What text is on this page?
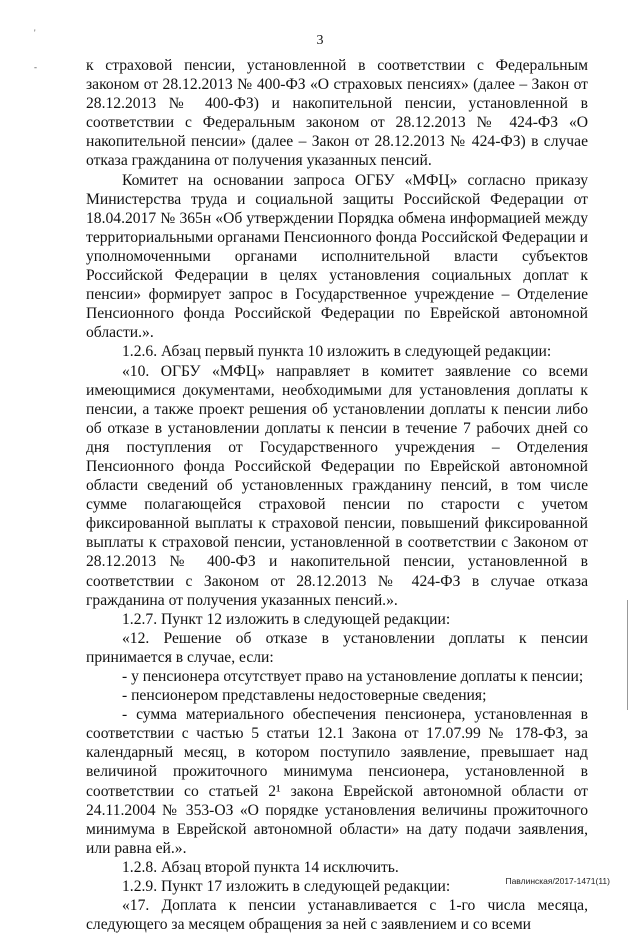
3
'
-	к страховой пенсии, установленной в соответствии с Федеральным законом от 28.12.2013 № 400-ФЗ «О страховых пенсиях» (далее – Закон от 28.12.2013 № 400-ФЗ) и накопительной пенсии, установленной в соответствии с Федеральным законом от 28.12.2013 № 424-ФЗ «О накопительной пенсии» (далее – Закон от 28.12.2013 № 424-ФЗ) в случае отказа гражданина от получения указанных пенсий.

Комитет на основании запроса ОГБУ «МФЦ» согласно приказу Министерства труда и социальной защиты Российской Федерации от 18.04.2017 № 365н «Об утверждении Порядка обмена информацией между территориальными органами Пенсионного фонда Российской Федерации и уполномоченными органами исполнительной власти субъектов Российской Федерации в целях установления социальных доплат к пенсии» формирует запрос в Государственное учреждение – Отделение Пенсионного фонда Российской Федерации по Еврейской автономной области.».

1.2.6. Абзац первый пункта 10 изложить в следующей редакции:

«10. ОГБУ «МФЦ» направляет в комитет заявление со всеми имеющимися документами, необходимыми для установления доплаты к пенсии, а также проект решения об установлении доплаты к пенсии либо об отказе в установлении доплаты к пенсии в течение 7 рабочих дней со дня поступления от Государственного учреждения – Отделения Пенсионного фонда Российской Федерации по Еврейской автономной области сведений об установленных гражданину пенсий, в том числе сумме полагающейся страховой пенсии по старости с учетом фиксированной выплаты к страховой пенсии, повышений фиксированной выплаты к страховой пенсии, установленной в соответствии с Законом от 28.12.2013 № 400-ФЗ и накопительной пенсии, установленной в соответствии с Законом от 28.12.2013 № 424-ФЗ в случае отказа гражданина от получения указанных пенсий.».

1.2.7. Пункт 12 изложить в следующей редакции:

«12. Решение об отказе в установлении доплаты к пенсии принимается в случае, если:

- у пенсионера отсутствует право на установление доплаты к пенсии;

- пенсионером представлены недостоверные сведения;

- сумма материального обеспечения пенсионера, установленная в соответствии с частью 5 статьи 12.1 Закона от 17.07.99 № 178-ФЗ, за календарный месяц, в котором поступило заявление, превышает над величиной прожиточного минимума пенсионера, установленной в соответствии со статьей 2¹ закона Еврейской автономной области от 24.11.2004 № 353-ОЗ «О порядке установления величины прожиточного минимума в Еврейской автономной области» на дату подачи заявления, или равна ей.».

1.2.8. Абзац второй пункта 14 исключить.

1.2.9. Пункт 17 изложить в следующей редакции:

«17. Доплата к пенсии устанавливается с 1-го числа месяца, следующего за месяцем обращения за ней с заявлением и со всеми

Павлинская/2017-1471(11)
